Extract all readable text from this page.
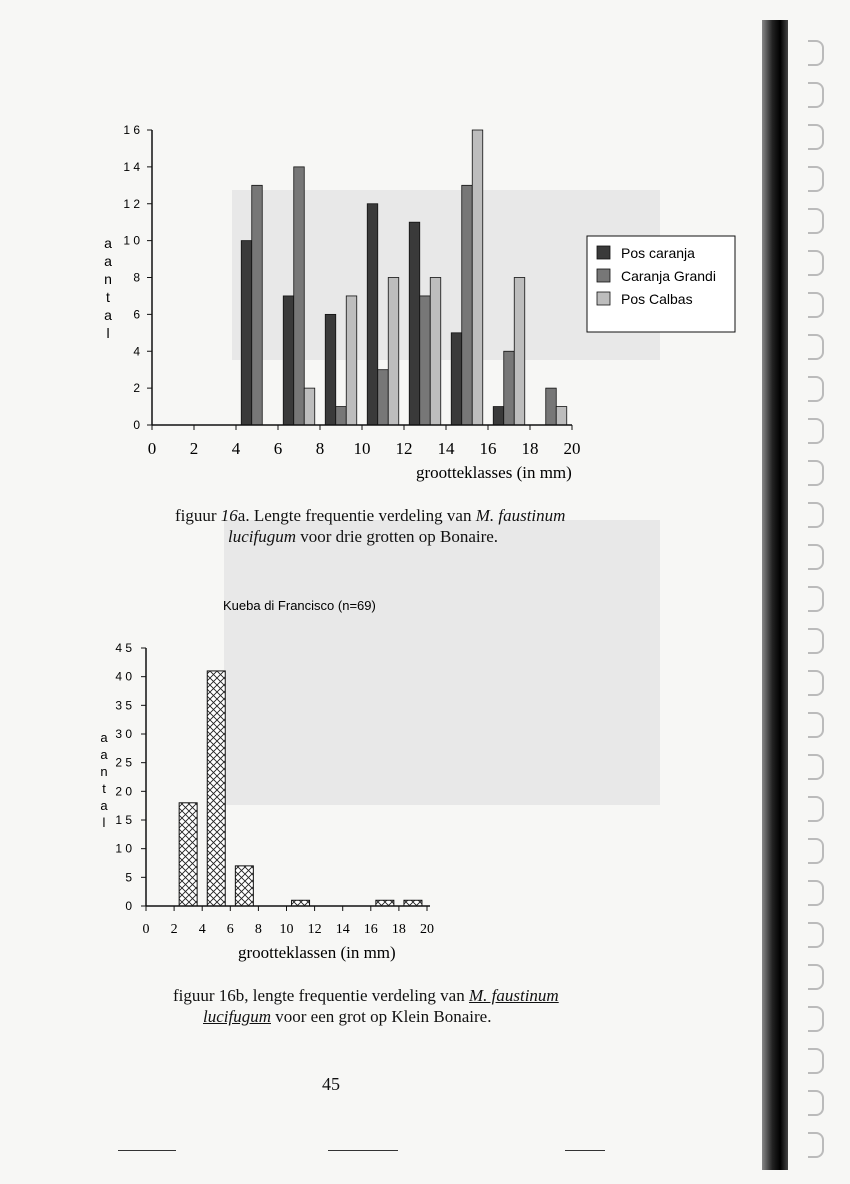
0
2
4
6
8
1 0
1 2
1 4
1 6
0 2 4 6 8 10 12 14 16 18 20
a
a
n
t
a
l
grootteklasses (in mm)
Pos caranja
Caranja Grandi
Pos Calbas
figuur 16a. Lengte frequentie verdeling van M. faustinum
lucifugum voor drie grotten op Bonaire.
Kueba di Francisco (n=69)
0
5
1 0
1 5
2 0
2 5
3 0
3 5
4 0
4 5
0 2 4 6 8 10 12 14 16 18 20
a
a
n
t
a
l
grootteklassen (in mm)
figuur 16b, lengte frequentie verdeling van M. faustinum
lucifugum voor een grot op Klein Bonaire.
45
